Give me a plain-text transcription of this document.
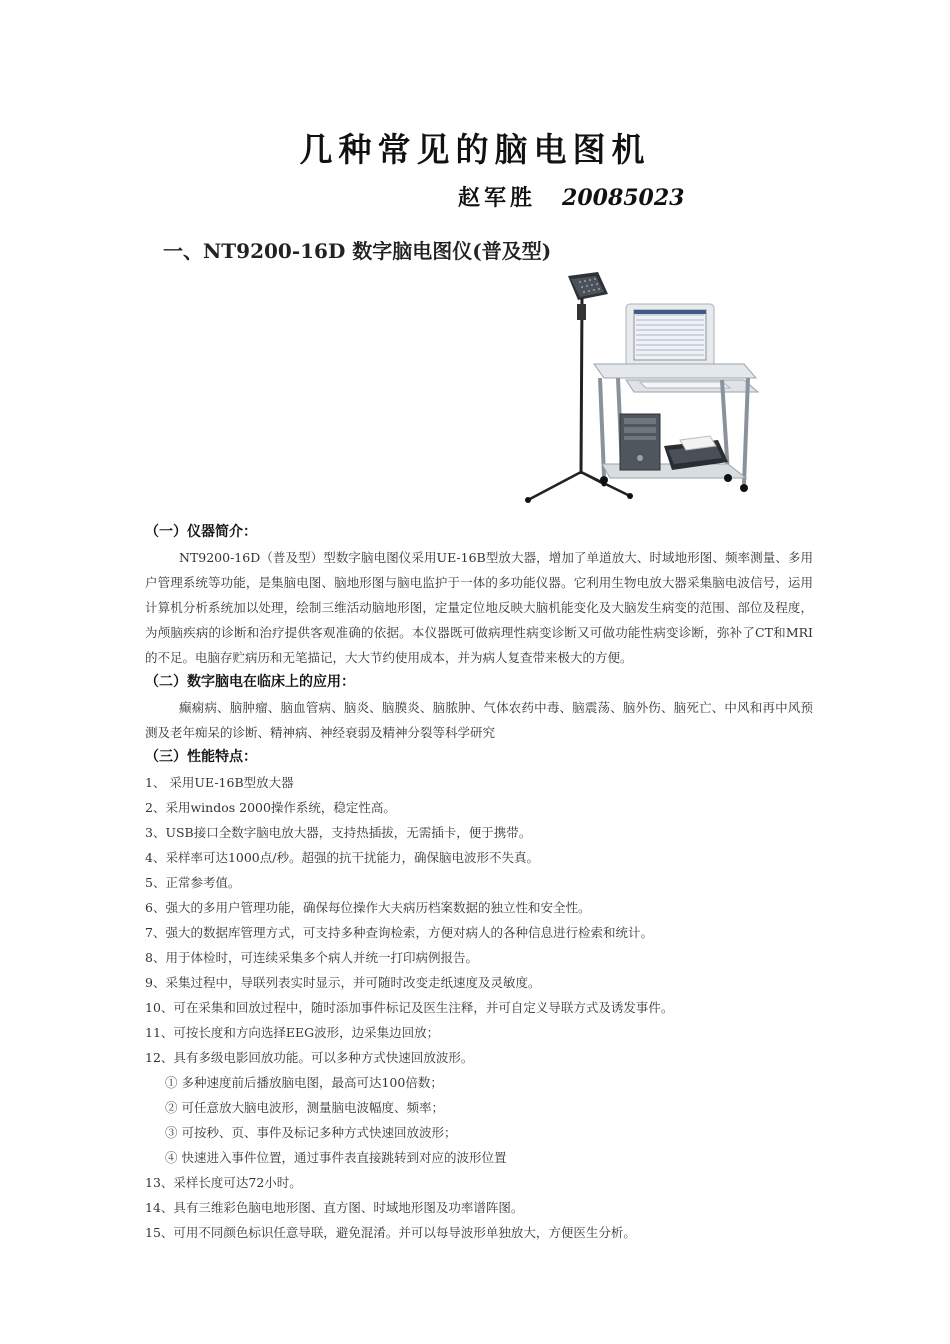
几种常见的脑电图机
赵军胜 20085023
一、NT9200-16D 数字脑电图仪(普及型)
（一）仪器简介：
NT9200-16D（普及型）型数字脑电图仪采用UE-16B型放大器，增加了单道放大、时域地形图、频率测量、多用户管理系统等功能，是集脑电图、脑地形图与脑电监护于一体的多功能仪器。它利用生物电放大器采集脑电波信号，运用计算机分析系统加以处理，绘制三维活动脑地形图，定量定位地反映大脑机能变化及大脑发生病变的范围、部位及程度，为颅脑疾病的诊断和治疗提供客观准确的依据。本仪器既可做病理性病变诊断又可做功能性病变诊断，弥补了CT和MRI的不足。电脑存贮病历和无笔描记，大大节约使用成本，并为病人复查带来极大的方便。
（二）数字脑电在临床上的应用：
癫痫病、脑肿瘤、脑血管病、脑炎、脑膜炎、脑脓肿、气体农药中毒、脑震荡、脑外伤、脑死亡、中风和再中风预测及老年痴呆的诊断、精神病、神经衰弱及精神分裂等科学研究
（三）性能特点：
1、 采用UE-16B型放大器
2、采用windos 2000操作系统，稳定性高。
3、USB接口全数字脑电放大器，支持热插拔，无需插卡，便于携带。
4、采样率可达1000点/秒。超强的抗干扰能力，确保脑电波形不失真。
5、正常参考值。
6、强大的多用户管理功能，确保每位操作大夫病历档案数据的独立性和安全性。
7、强大的数据库管理方式，可支持多种查询检索，方便对病人的各种信息进行检索和统计。
8、用于体检时，可连续采集多个病人并统一打印病例报告。
9、采集过程中，导联列表实时显示，并可随时改变走纸速度及灵敏度。
10、可在采集和回放过程中，随时添加事件标记及医生注释，并可自定义导联方式及诱发事件。
11、可按长度和方向选择EEG波形，边采集边回放；
12、具有多级电影回放功能。可以多种方式快速回放波形。
① 多种速度前后播放脑电图，最高可达100倍数；
② 可任意放大脑电波形，测量脑电波幅度、频率；
③ 可按秒、页、事件及标记多种方式快速回放波形；
④ 快速进入事件位置，通过事件表直接跳转到对应的波形位置
13、采样长度可达72小时。
14、具有三维彩色脑电地形图、直方图、时域地形图及功率谱阵图。
15、可用不同颜色标识任意导联，避免混淆。并可以每导波形单独放大，方便医生分析。
